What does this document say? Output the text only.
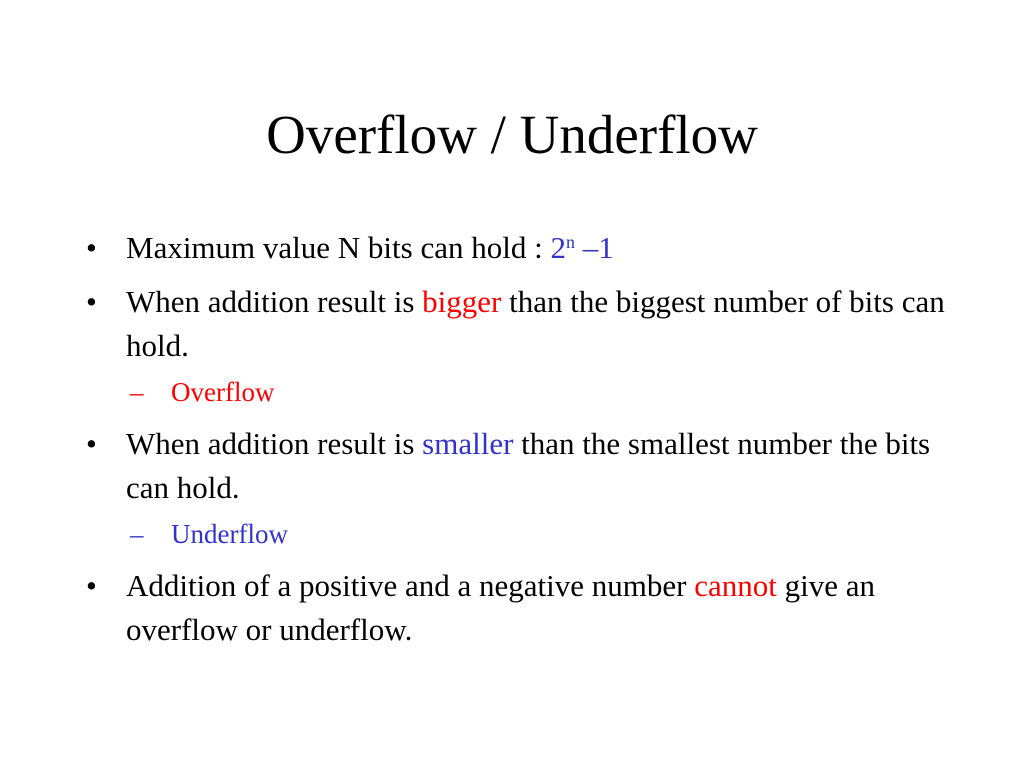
Overflow / Underflow
• Maximum value N bits can hold : 2$^n$ –1
• When addition result is bigger than the biggest number of bits can hold.
– Overflow
• When addition result is smaller than the smallest number the bits can hold.
– Underflow
• Addition of a positive and a negative number cannot give an overflow or underflow.
